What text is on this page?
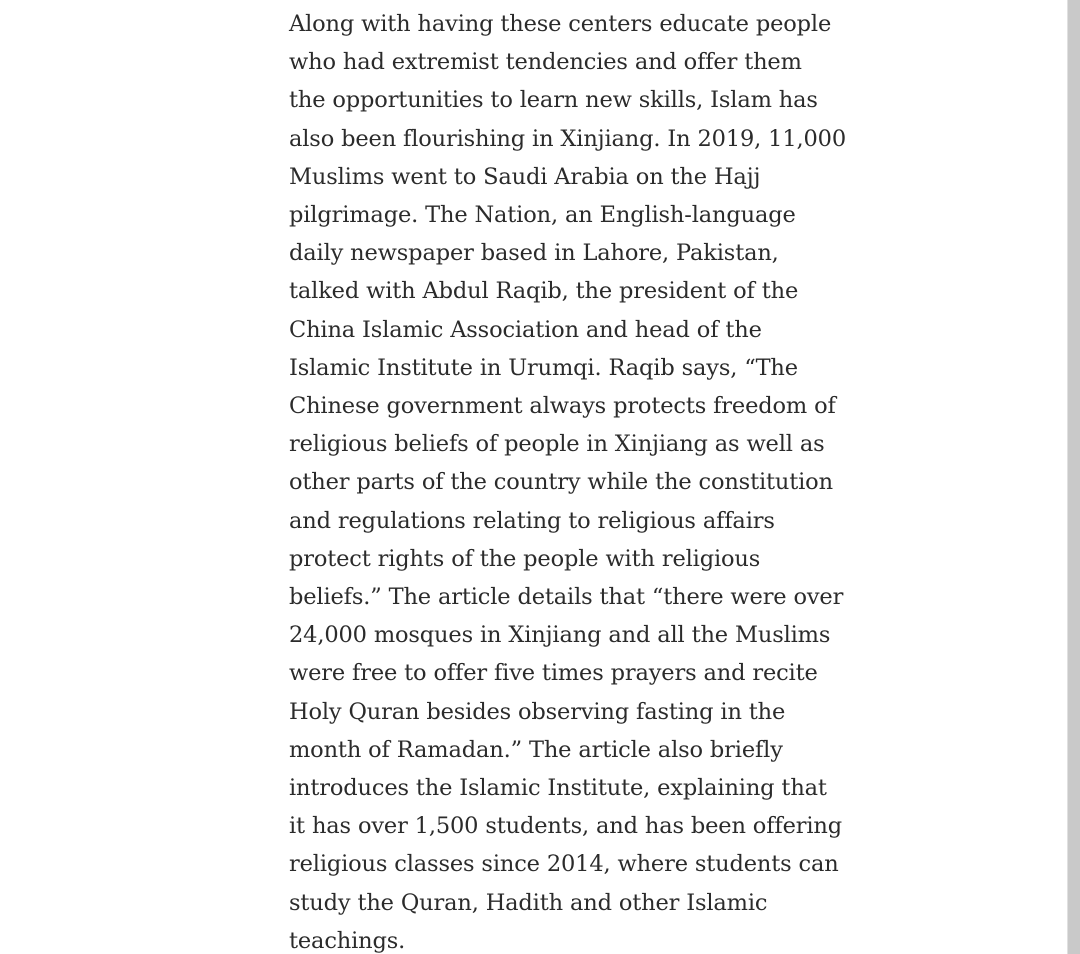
Along with having these centers educate people
who had extremist tendencies and offer them
the opportunities to learn new skills, Islam has
also been flourishing in Xinjiang. In 2019, 11,000
Muslims went to Saudi Arabia on the Hajj
pilgrimage. The Nation, an English-language
daily newspaper based in Lahore, Pakistan,
talked with Abdul Raqib, the president of the
China Islamic Association and head of the
Islamic Institute in Urumqi. Raqib says, “The
Chinese government always protects freedom of
religious beliefs of people in Xinjiang as well as
other parts of the country while the constitution
and regulations relating to religious affairs
protect rights of the people with religious
beliefs.” The article details that “there were over
24,000 mosques in Xinjiang and all the Muslims
were free to offer five times prayers and recite
Holy Quran besides observing fasting in the
month of Ramadan.” The article also briefly
introduces the Islamic Institute, explaining that
it has over 1,500 students, and has been offering
religious classes since 2014, where students can
study the Quran, Hadith and other Islamic
teachings.
